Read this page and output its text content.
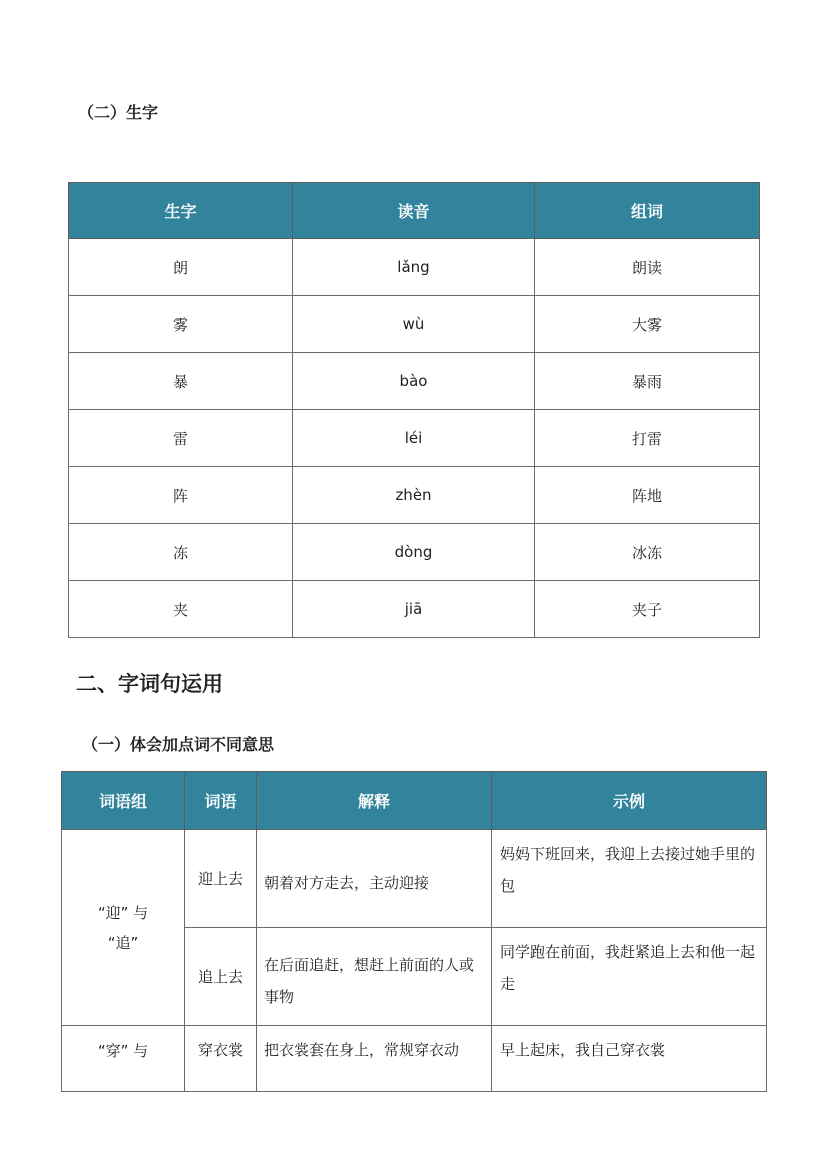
（二）生字
生字	读音	组词
朗	lǎng	朗读
雾	wù	大雾
暴	bào	暴雨
雷	léi	打雷
阵	zhèn	阵地
冻	dòng	冰冻
夹	jiā	夹子
二、字词句运用
（一）体会加点词不同意思
词语组	词语	解释	示例

“迎” 与
“追”	迎上去	朝着对方走去，主动迎接	妈妈下班回来，我迎上去接过她手里的包
	追上去	在后面追赶，想赶上前面的人或事物	同学跑在前面，我赶紧追上去和他一起走

“穿” 与	穿衣裳	把衣裳套在身上，常规穿衣动	早上起床，我自己穿衣裳
